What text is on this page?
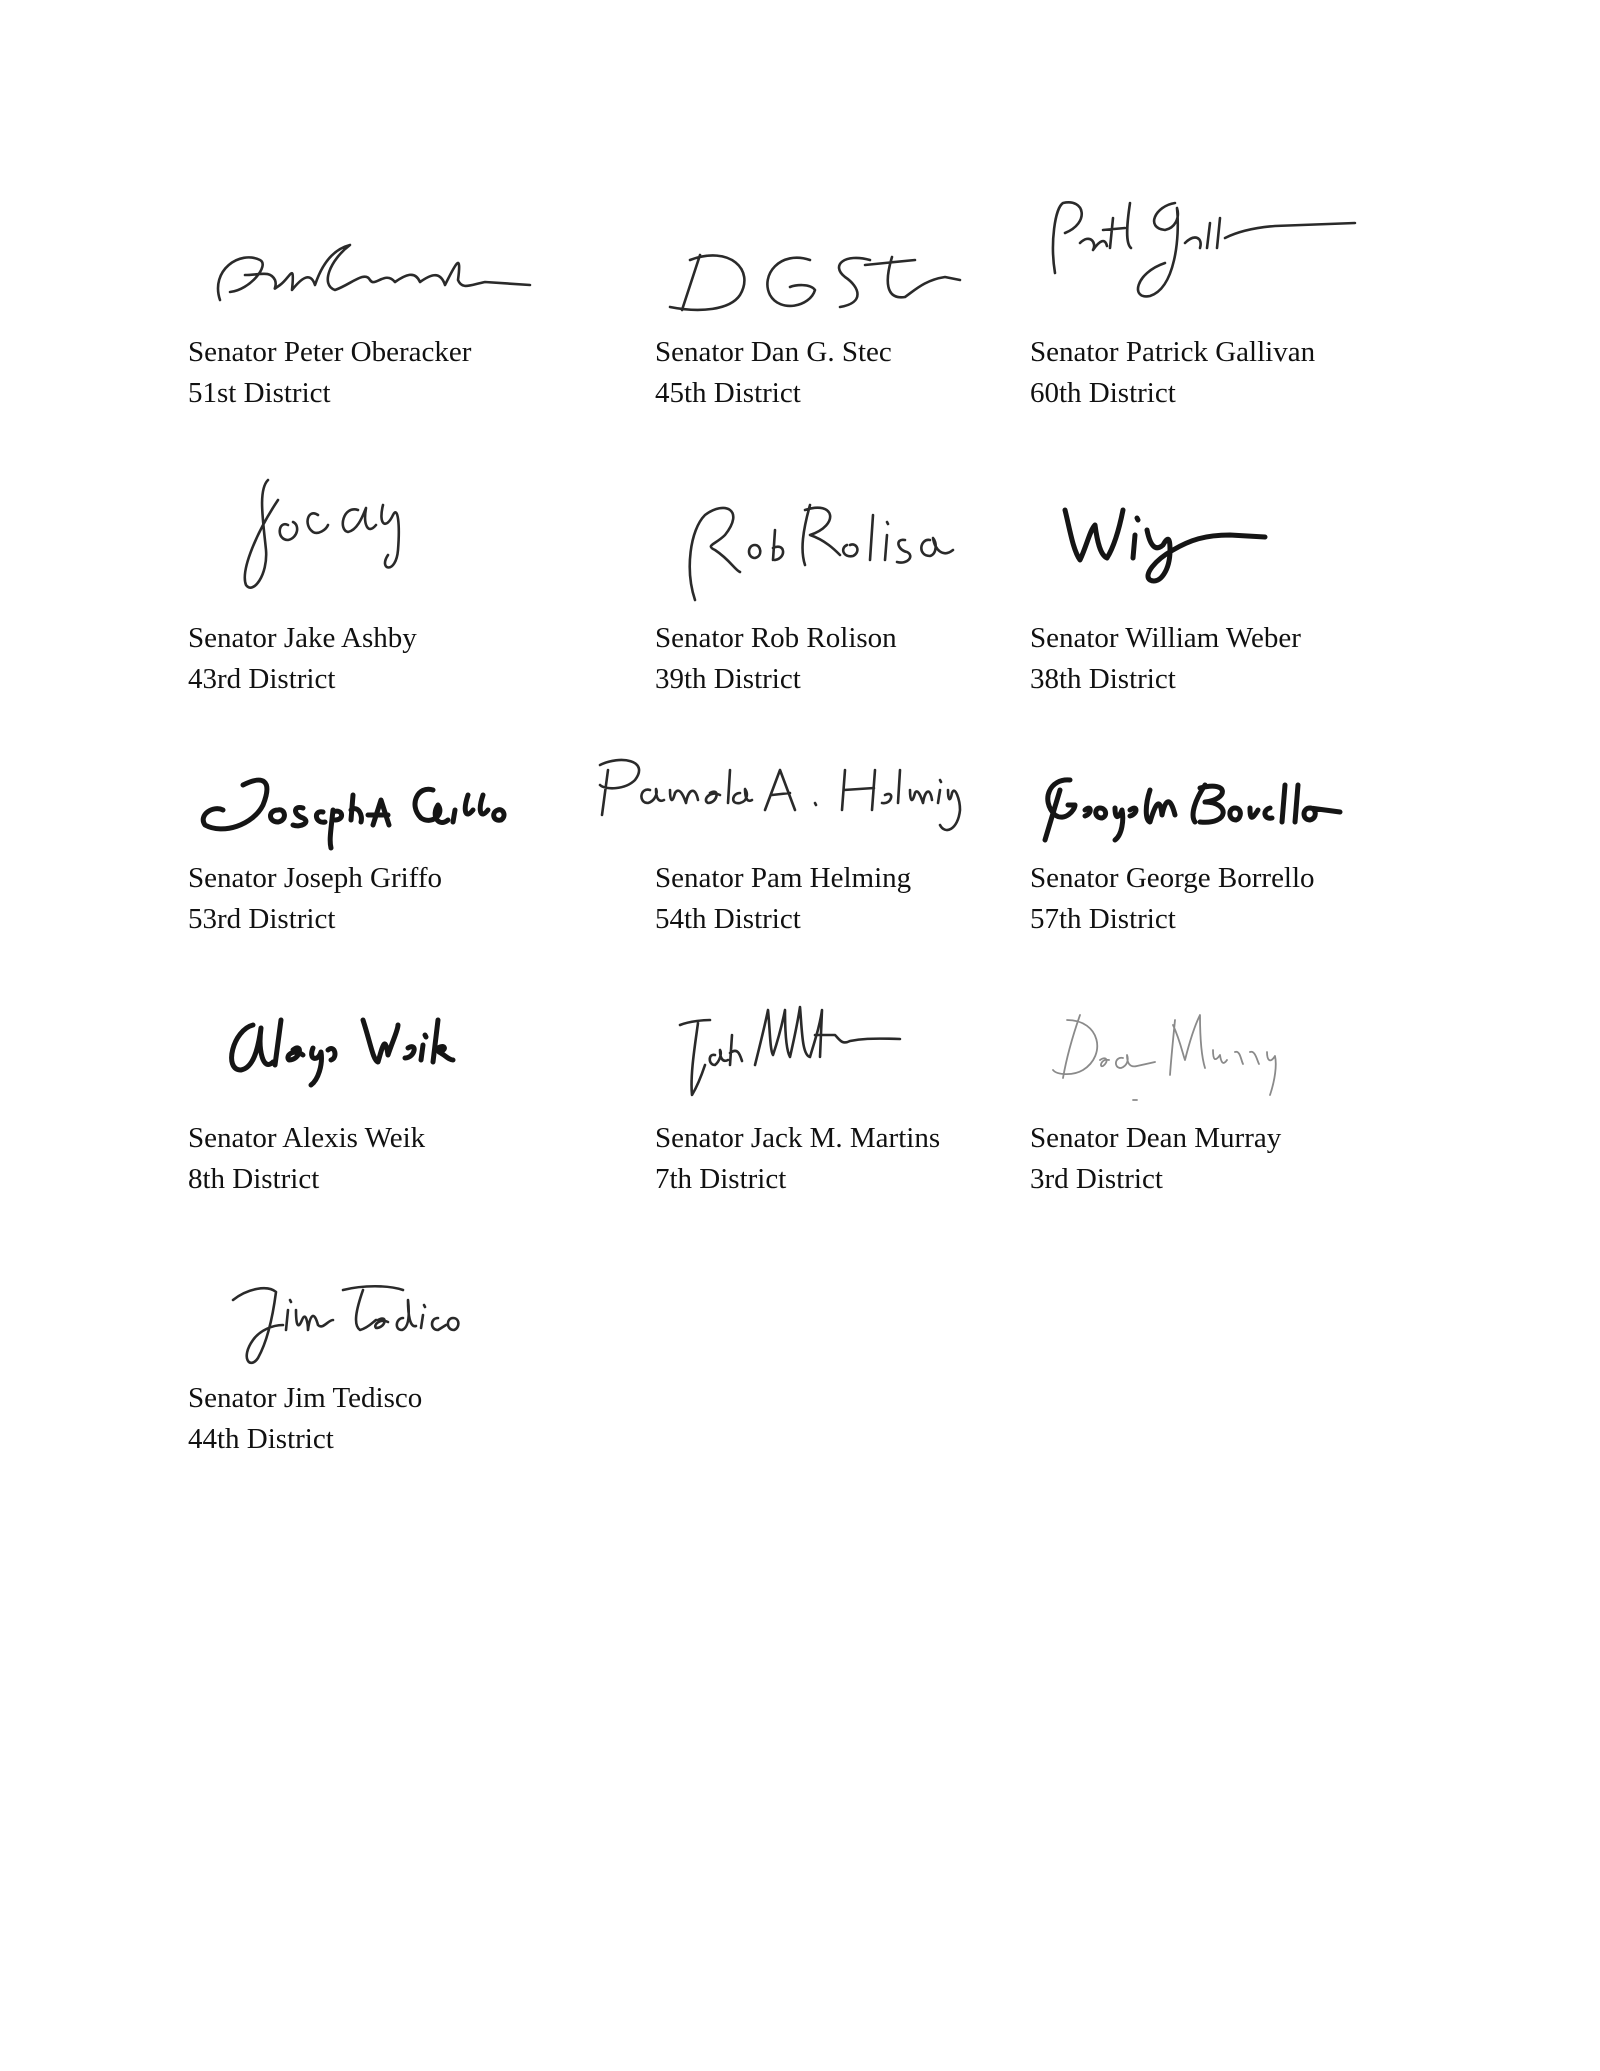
Senator Peter Oberacker
51st District
Senator Dan G. Stec
45th District
Senator Patrick Gallivan
60th District
Senator Jake Ashby
43rd District
Senator Rob Rolison
39th District
Senator William Weber
38th District
Senator Joseph Griffo
53rd District
Senator Pam Helming
54th District
Senator George Borrello
57th District
Senator Alexis Weik
8th District
Senator Jack M. Martins
7th District
Senator Dean Murray
3rd District
Senator Jim Tedisco
44th District
